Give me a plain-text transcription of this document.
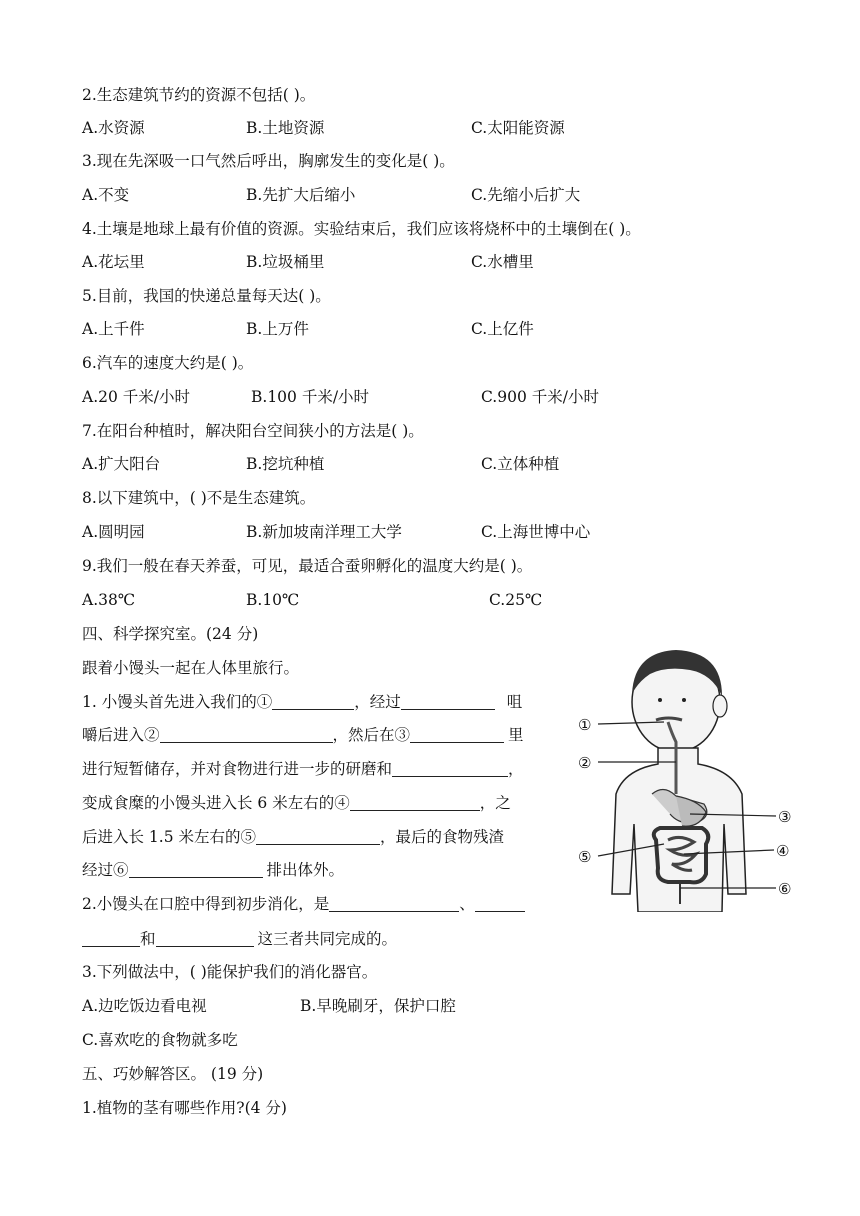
2.生态建筑节约的资源不包括( )。
A.水资源	B.土地资源	C.太阳能资源
3.现在先深吸一口气然后呼出，胸廓发生的变化是( )。
A.不变	B.先扩大后缩小	C.先缩小后扩大
4.土壤是地球上最有价值的资源。实验结束后，我们应该将烧杯中的土壤倒在( )。
A.花坛里	B.垃圾桶里	C.水槽里
5.目前，我国的快递总量每天达( )。
A.上千件	B.上万件	C.上亿件
6.汽车的速度大约是( )。
A.20 千米/小时	B.100 千米/小时	C.900 千米/小时
7.在阳台种植时，解决阳台空间狭小的方法是( )。
A.扩大阳台	B.挖坑种植	C.立体种植
8.以下建筑中，( )不是生态建筑。
A.圆明园	B.新加坡南洋理工大学	C.上海世博中心
9.我们一般在春天养蚕，可见，最适合蚕卵孵化的温度大约是( )。
A.38℃	B.10℃	C.25℃
四、科学探究室。(24 分)
跟着小馒头一起在人体里旅行。
1. 小馒头首先进入我们的①	，经过	咀
嚼后进入②	，然后在③	里
进行短暂储存，并对食物进行进一步的研磨和	，
变成食糜的小馒头进入长 6 米左右的④	，之
后进入长 1.5 米左右的⑤	，最后的食物残渣
经过⑥	排出体外。
2.小馒头在口腔中得到初步消化，是	、
和	这三者共同完成的。
3.下列做法中，( )能保护我们的消化器官。
A.边吃饭边看电视	B.早晚刷牙，保护口腔
C.喜欢吃的食物就多吃
五、巧妙解答区。 (19 分)
1.植物的茎有哪些作用?(4 分)
①
②
③
④
⑤
⑥
